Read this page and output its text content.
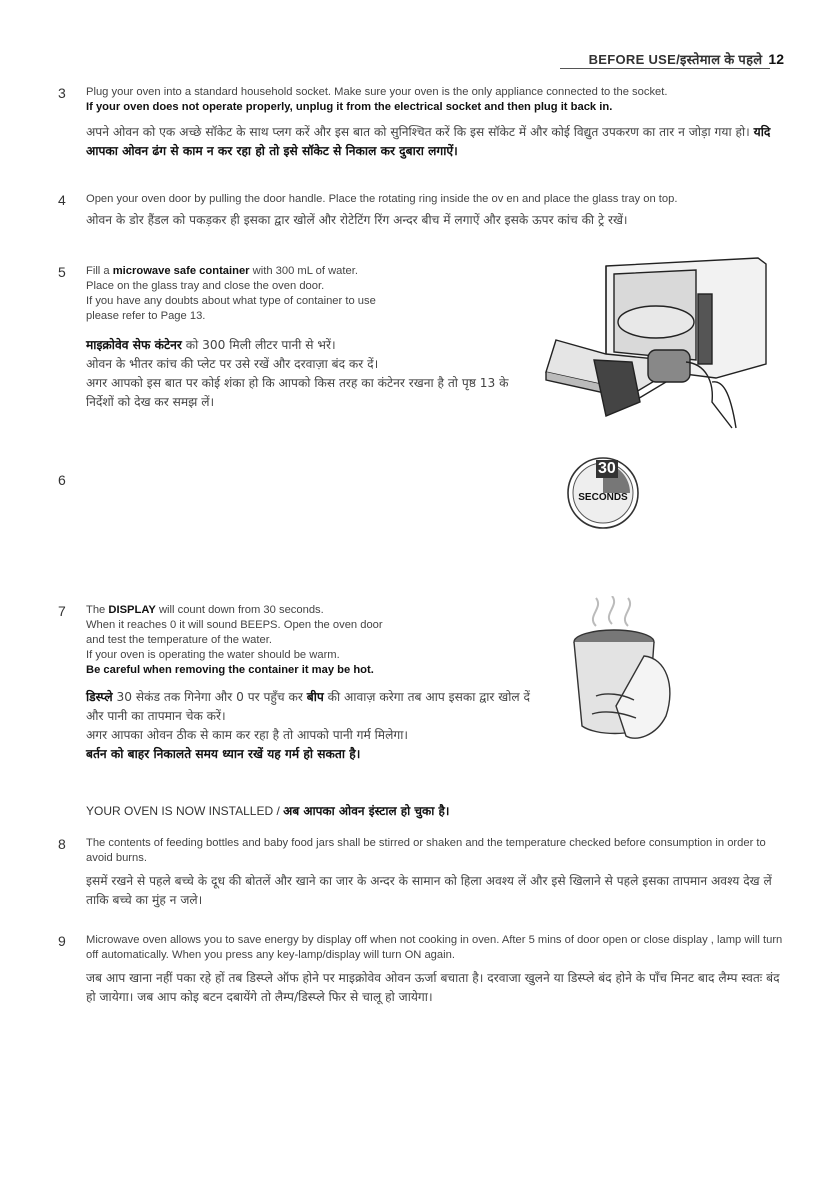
BEFORE USE/इस्तेमाल के पहले 12
3 Plug your oven into a standard household socket. Make sure your oven is the only appliance connected to the socket.
If your oven does not operate properly, unplug it from the electrical socket and then plug it back in.
अपने ओवन को एक अच्छे सॉकेट के साथ प्लग करें और इस बात को सुनिश्चित करें कि इस सॉकेट में और कोई विद्युत उपकरण का तार न जोड़ा गया हो। यदि आपका ओवन ढंग से काम न कर रहा हो तो इसे सॉकेट से निकाल कर दुबारा लगाऐं।
4 Open your oven door by pulling the door handle. Place the rotating ring inside the ov en and place the glass tray on top.
ओवन के डोर हैंडल को पकड़कर ही इसका द्वार खोलें और रोटेटिंग रिंग अन्दर बीच में लगाऐं और इसके ऊपर कांच की ट्रे रखें।
5 Fill a microwave safe container with 300 mL of water.
Place on the glass tray and close the oven door.
If you have any doubts about what type of container to use
please refer to Page 13.
माइक्रोवेव सेफ कंटेनर को 300 मिली लीटर पानी से भरें।
ओवन के भीतर कांच की प्लेट पर उसे रखें और दरवाज़ा बंद कर दें।
अगर आपको इस बात पर कोई शंका हो कि आपको किस तरह का कंटेनर रखना है तो पृष्ठ 13 के निर्देशों को देख कर समझ लें।
6
30
SECONDS
7 The DISPLAY will count down from 30 seconds.
When it reaches 0 it will sound BEEPS. Open the oven door
and test the temperature of the water.
If your oven is operating the water should be warm.
Be careful when removing the container it may be hot.
डिस्प्ले 30 सेकंड तक गिनेगा और 0 पर पहुँच कर बीप की आवाज़ करेगा तब आप इसका द्वार खोल दें और पानी का तापमान चेक करें।
अगर आपका ओवन ठीक से काम कर रहा है तो आपको पानी गर्म मिलेगा।
बर्तन को बाहर निकालते समय ध्यान रखें यह गर्म हो सकता है।
YOUR OVEN IS NOW INSTALLED / अब आपका ओवन इंस्टाल हो चुका है।
8 The contents of feeding bottles and baby food jars shall be stirred or shaken and the temperature checked before consumption in order to avoid burns.
इसमें रखने से पहले बच्चे के दूध की बोतलें और खाने का जार के अन्दर के सामान को हिला अवश्य लें और इसे खिलाने से पहले इसका तापमान अवश्य देख लें ताकि बच्चे का मुंह न जले।
9 Microwave oven allows you to save energy by display off when not cooking in oven. After 5 mins of door open or close display , lamp will turn off automatically. When you press any key-lamp/display will turn ON again.
जब आप खाना नहीं पका रहे हों तब डिस्प्ले ऑफ होने पर माइक्रोवेव ओवन ऊर्जा बचाता है। दरवाजा खुलने या डिस्प्ले बंद होने के पाँच मिनट बाद लैम्प स्वतः बंद हो जायेगा। जब आप कोइ बटन दबायेंगे तो लैम्प/डिस्प्ले फिर से चालू हो जायेगा।
